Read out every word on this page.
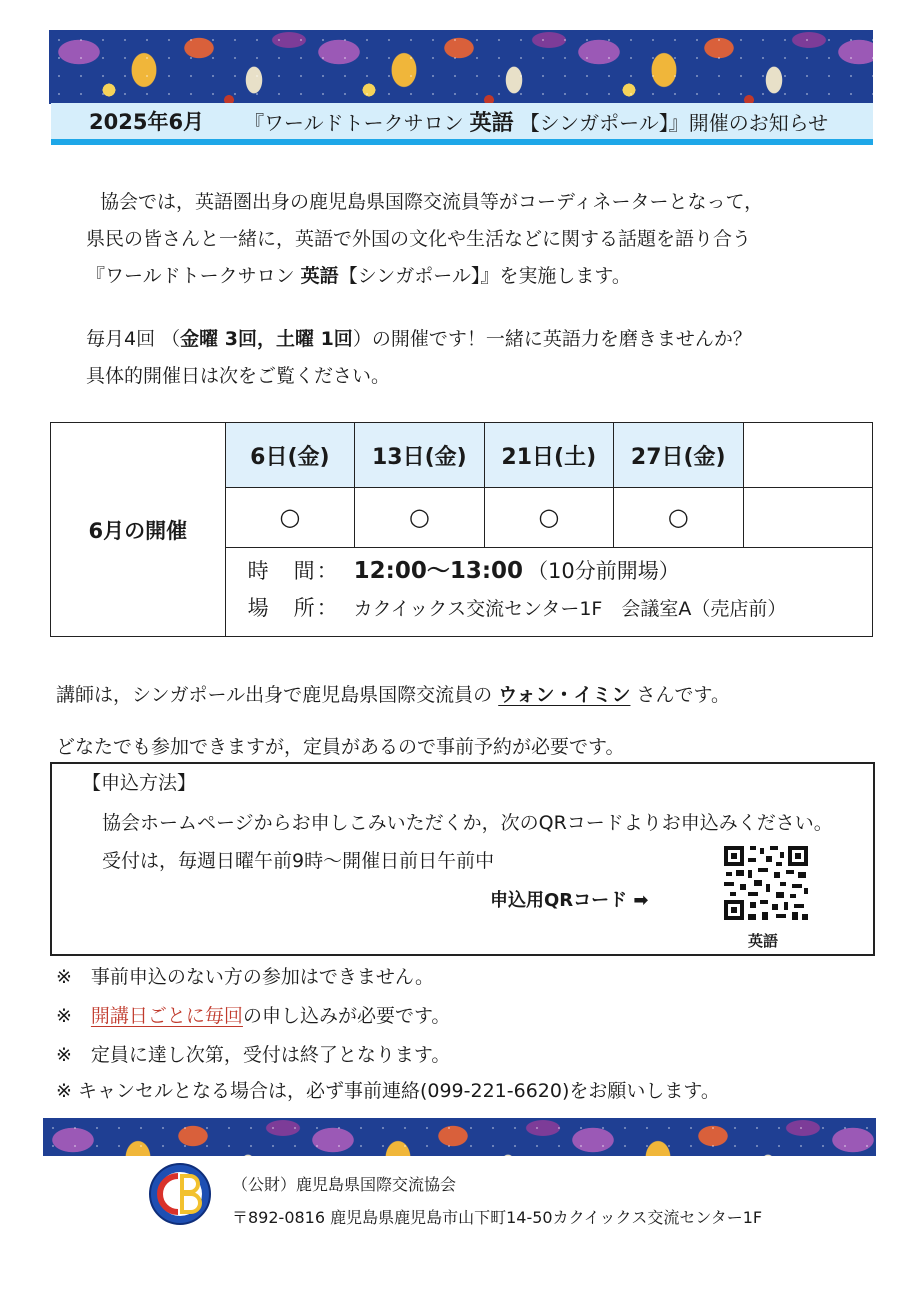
2025年6月 『ワールドトークサロン 英語 【シンガポール】』開催のお知らせ

協会では，英語圏出身の鹿児島県国際交流員等がコーディネーターとなって，

県民の皆さんと一緒に，英語で外国の文化や生活などに関する話題を語り合う

『ワールドトークサロン 英語【シンガポール】』を実施します。

毎月4回 （金曜 3回，土曜 1回）の開催です！一緒に英語力を磨きませんか？

具体的開催日は次をご覧ください。

6月の開催	6日(金)	13日(金)	21日(土)	27日(金)	
	○	○	○	○	

	時　間： 12:00〜13:00 （10分前開場）
場　所： カクイックス交流センター1F　会議室A（売店前）				

講師は，シンガポール出身で鹿児島県国際交流員の ウォン・イミン さんです。

どなたでも参加できますが，定員があるので事前予約が必要です。

【申込方法】
協会ホームページからお申しこみいただくか，次のQRコードよりお申込みください。
受付は，毎週日曜午前9時〜開催日前日午前中
申込用QRコード ➡
英語

※　事前申込のない方の参加はできません。

※　開講日ごとに毎回の申し込みが必要です。

※　定員に達し次第，受付は終了となります。

※ キャンセルとなる場合は，必ず事前連絡(099-221-6620)をお願いします。

（公財）鹿児島県国際交流協会
〒892-0816 鹿児島県鹿児島市山下町14-50カクイックス交流センター1F
